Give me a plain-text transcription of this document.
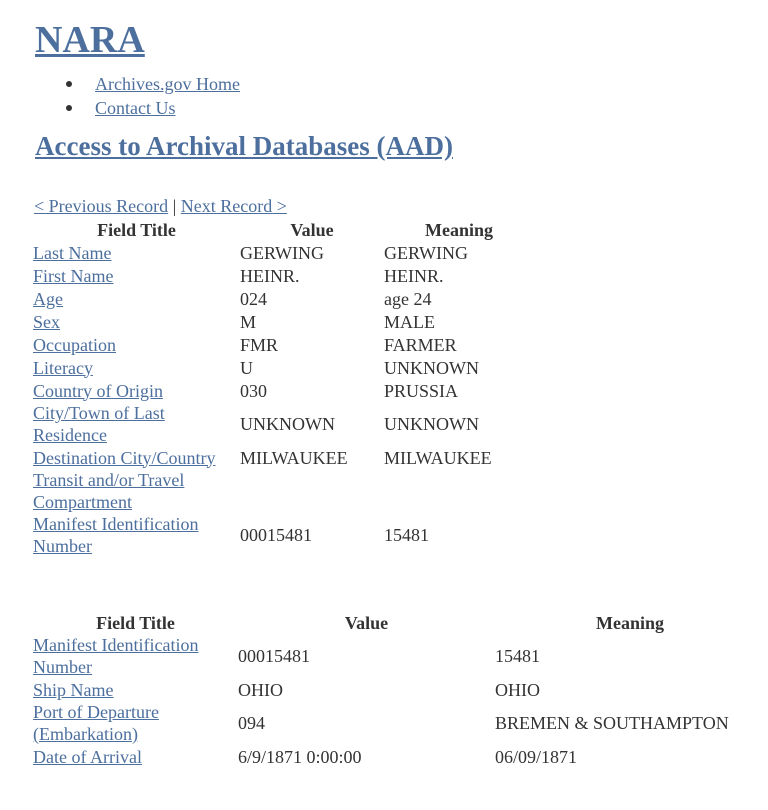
NARA
Archives.gov Home
Contact Us
Access to Archival Databases (AAD)
< Previous Record | Next Record >
Field Title	Value	Meaning
Last Name	GERWING	GERWING
First Name	HEINR.	HEINR.
Age	024	age 24
Sex	M	MALE
Occupation	FMR	FARMER
Literacy	U	UNKNOWN
Country of Origin	030	PRUSSIA
City/Town of Last Residence	UNKNOWN	UNKNOWN
Destination City/Country	MILWAUKEE	MILWAUKEE
Transit and/or Travel Compartment		
Manifest Identification Number	00015481	15481
Field Title	Value	Meaning
Manifest Identification Number	00015481	15481
Ship Name	OHIO	OHIO
Port of Departure (Embarkation)	094	BREMEN & SOUTHAMPTON
Date of Arrival	6/9/1871 0:00:00	06/09/1871
